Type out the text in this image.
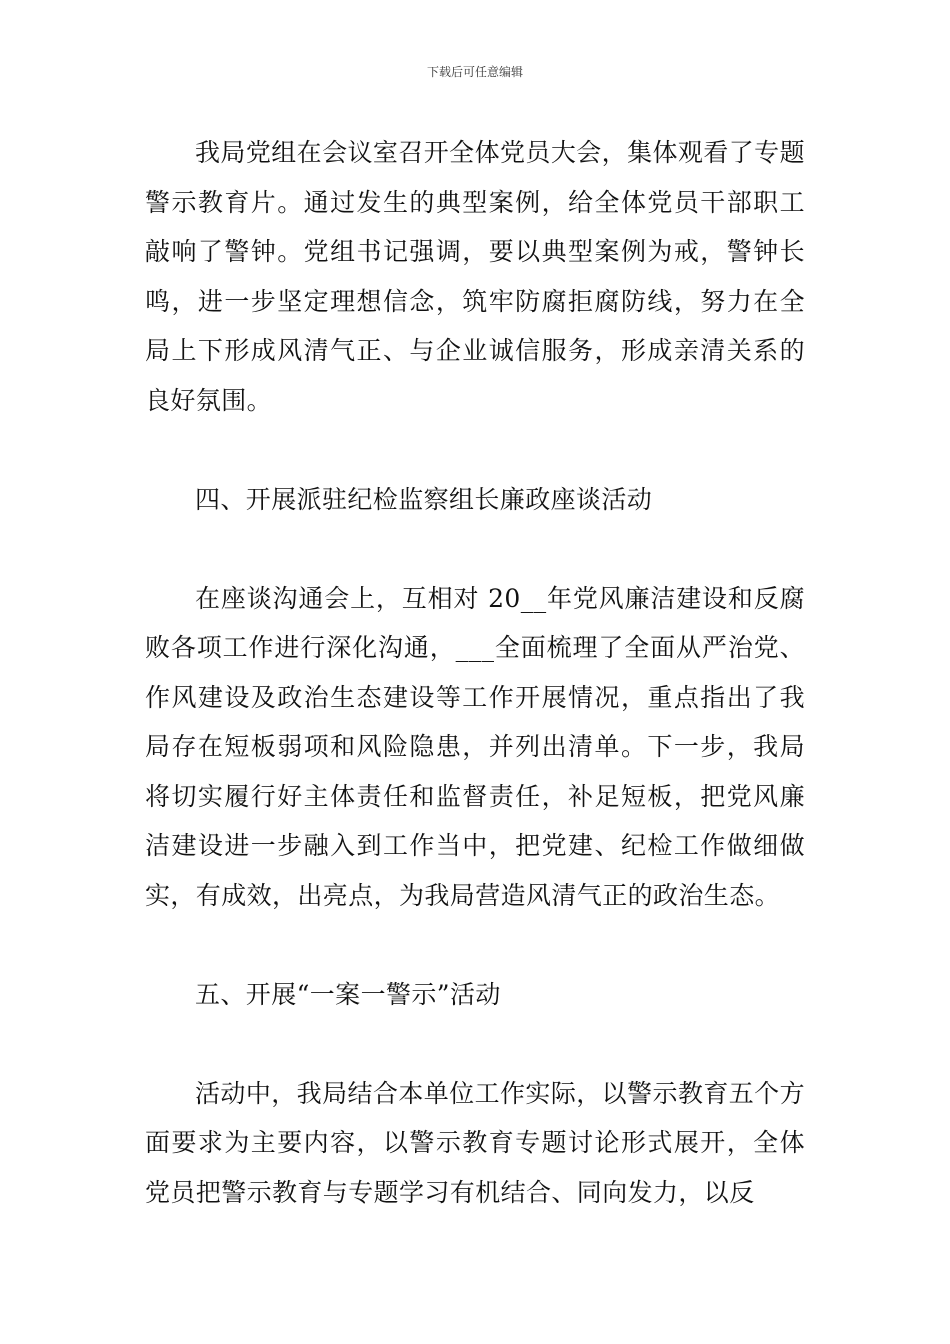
下载后可任意编辑

我局党组在会议室召开全体党员大会，集体观看了专题警示教育片。通过发生的典型案例，给全体党员干部职工敲响了警钟。党组书记强调，要以典型案例为戒，警钟长鸣，进一步坚定理想信念，筑牢防腐拒腐防线，努力在全局上下形成风清气正、与企业诚信服务，形成亲清关系的良好氛围。

四、开展派驻纪检监察组长廉政座谈活动

在座谈沟通会上，互相对 20__年党风廉洁建设和反腐败各项工作进行深化沟通，___全面梳理了全面从严治党、作风建设及政治生态建设等工作开展情况，重点指出了我局存在短板弱项和风险隐患，并列出清单。下一步，我局将切实履行好主体责任和监督责任，补足短板，把党风廉洁建设进一步融入到工作当中，把党建、纪检工作做细做实，有成效，出亮点，为我局营造风清气正的政治生态。

五、开展“一案一警示”活动

活动中，我局结合本单位工作实际，以警示教育五个方面要求为主要内容，以警示教育专题讨论形式展开，全体党员把警示教育与专题学习有机结合、同向发力，以反
